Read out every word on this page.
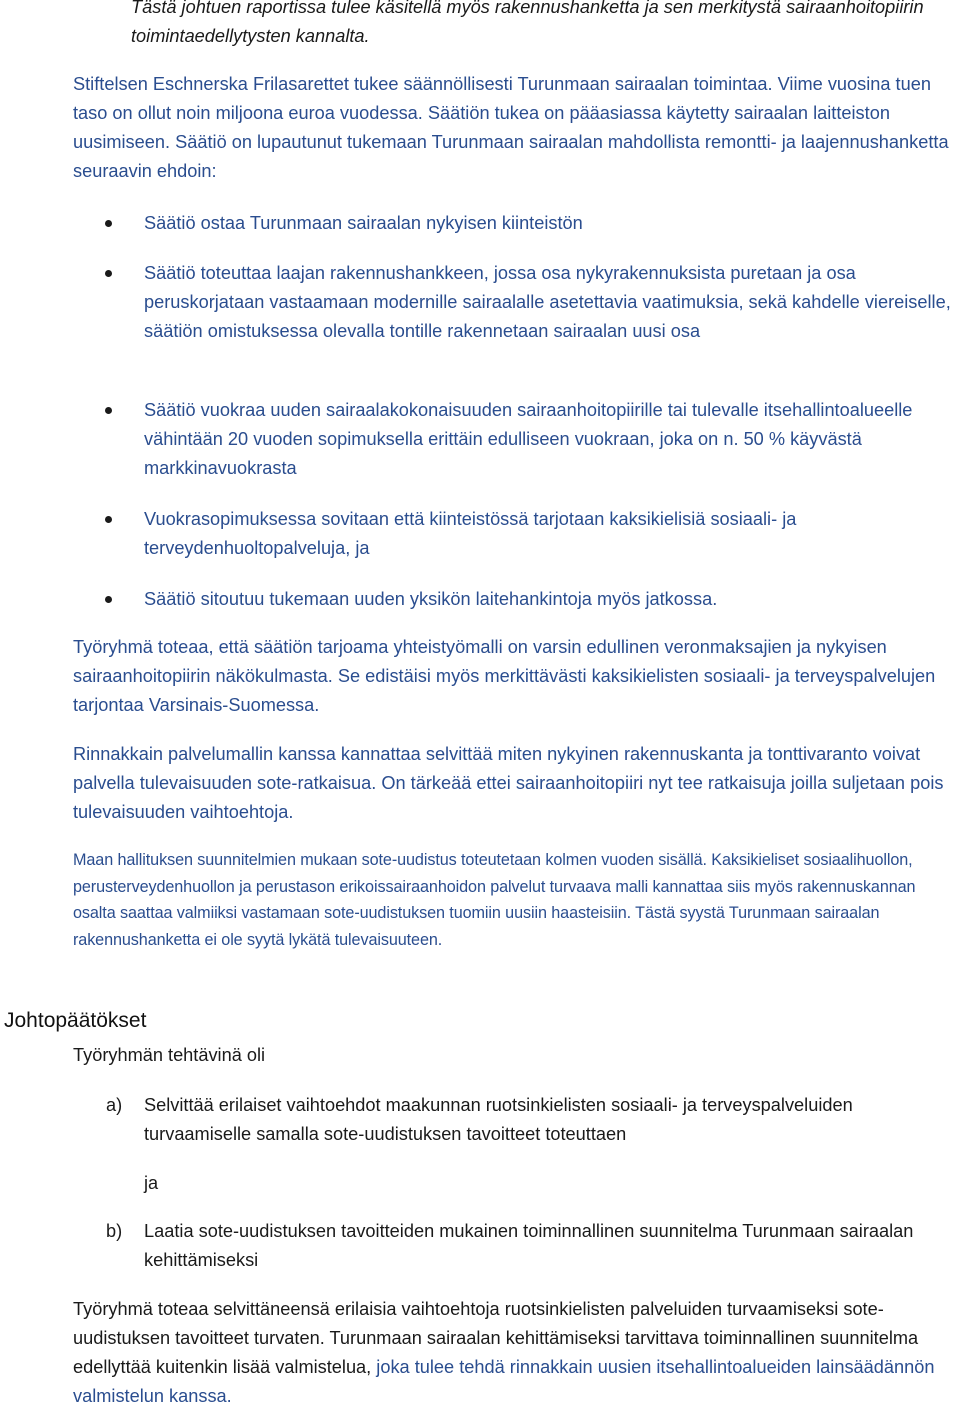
Tästä johtuen raportissa tulee käsitellä myös rakennushanketta ja sen merkitystä sairaanhoitopiirin toimintaedellytysten kannalta.

Stiftelsen Eschnerska Frilasarettet tukee säännöllisesti Turunmaan sairaalan toimintaa. Viime vuosina tuen taso on ollut noin miljoona euroa vuodessa. Säätiön tukea on pääasiassa käytetty sairaalan laitteiston uusimiseen. Säätiö on lupautunut tukemaan Turunmaan sairaalan mahdollista remontti- ja laajennushanketta seuraavin ehdoin:

Säätiö ostaa Turunmaan sairaalan nykyisen kiinteistön
Säätiö toteuttaa laajan rakennushankkeen, jossa osa nykyrakennuksista puretaan ja osa peruskorjataan vastaamaan modernille sairaalalle asetettavia vaatimuksia, sekä kahdelle viereiselle, säätiön omistuksessa olevalla tontille rakennetaan sairaalan uusi osa
Säätiö vuokraa uuden sairaalakokonaisuuden sairaanhoitopiirille tai tulevalle itsehallintoalueelle vähintään 20 vuoden sopimuksella erittäin edulliseen vuokraan, joka on n. 50 % käyvästä markkinavuokrasta
Vuokrasopimuksessa sovitaan että kiinteistössä tarjotaan kaksikielisiä sosiaali- ja terveydenhuoltopalveluja, ja
Säätiö sitoutuu tukemaan uuden yksikön laitehankintoja myös jatkossa.

Työryhmä toteaa, että säätiön tarjoama yhteistyömalli on varsin edullinen veronmaksajien ja nykyisen sairaanhoitopiirin näkökulmasta. Se edistäisi myös merkittävästi kaksikielisten sosiaali- ja terveyspalvelujen tarjontaa Varsinais-Suomessa.

Rinnakkain palvelumallin kanssa kannattaa selvittää miten nykyinen rakennuskanta ja tonttivaranto voivat palvella tulevaisuuden sote-ratkaisua. On tärkeää ettei sairaanhoitopiiri nyt tee ratkaisuja joilla suljetaan pois tulevaisuuden vaihtoehtoja.

Maan hallituksen suunnitelmien mukaan sote-uudistus toteutetaan kolmen vuoden sisällä. Kaksikieliset sosiaalihuollon, perusterveydenhuollon ja perustason erikoissairaanhoidon palvelut turvaava malli kannattaa siis myös rakennuskannan osalta saattaa valmiiksi vastamaan sote-uudistuksen tuomiin uusiin haasteisiin. Tästä syystä Turunmaan sairaalan rakennushanketta ei ole syytä lykätä tulevaisuuteen.

Johtopäätökset

Työryhmän tehtävinä oli

a) Selvittää erilaiset vaihtoehdot maakunnan ruotsinkielisten sosiaali- ja terveyspalveluiden turvaamiselle samalla sote-uudistuksen tavoitteet toteuttaen

ja

b) Laatia sote-uudistuksen tavoitteiden mukainen toiminnallinen suunnitelma Turunmaan sairaalan kehittämiseksi

Työryhmä toteaa selvittäneensä erilaisia vaihtoehtoja ruotsinkielisten palveluiden turvaamiseksi sote-uudistuksen tavoitteet turvaten. Turunmaan sairaalan kehittämiseksi tarvittava toiminnallinen suunnitelma edellyttää kuitenkin lisää valmistelua, joka tulee tehdä rinnakkain uusien itsehallintoalueiden lainsäädännön valmistelun kanssa.
